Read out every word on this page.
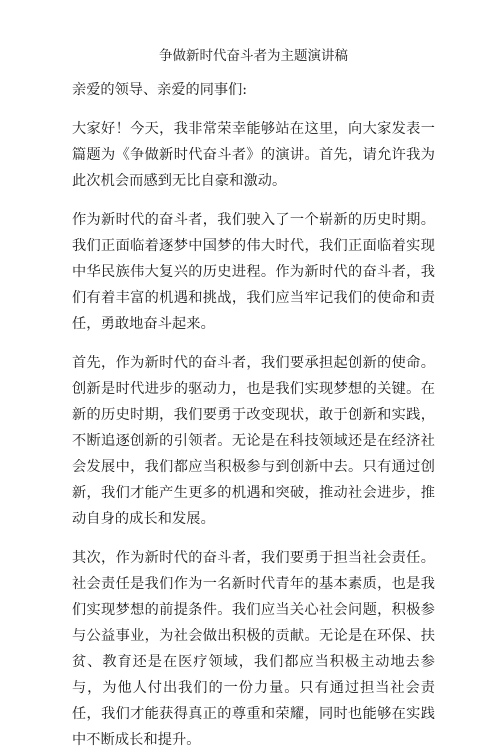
争做新时代奋斗者为主题演讲稿

亲爱的领导、亲爱的同事们:

大家好！今天，我非常荣幸能够站在这里，向大家发表一篇题为《争做新时代奋斗者》的演讲。首先，请允许我为此次机会而感到无比自豪和激动。

作为新时代的奋斗者，我们驶入了一个崭新的历史时期。我们正面临着逐梦中国梦的伟大时代，我们正面临着实现中华民族伟大复兴的历史进程。作为新时代的奋斗者，我们有着丰富的机遇和挑战，我们应当牢记我们的使命和责任，勇敢地奋斗起来。

首先，作为新时代的奋斗者，我们要承担起创新的使命。创新是时代进步的驱动力，也是我们实现梦想的关键。在新的历史时期，我们要勇于改变现状，敢于创新和实践，不断追逐创新的引领者。无论是在科技领域还是在经济社会发展中，我们都应当积极参与到创新中去。只有通过创新，我们才能产生更多的机遇和突破，推动社会进步，推动自身的成长和发展。

其次，作为新时代的奋斗者，我们要勇于担当社会责任。社会责任是我们作为一名新时代青年的基本素质，也是我们实现梦想的前提条件。我们应当关心社会问题，积极参与公益事业，为社会做出积极的贡献。无论是在环保、扶贫、教育还是在医疗领域，我们都应当积极主动地去参与，为他人付出我们的一份力量。只有通过担当社会责任，我们才能获得真正的尊重和荣耀，同时也能够在实践中不断成长和提升。
